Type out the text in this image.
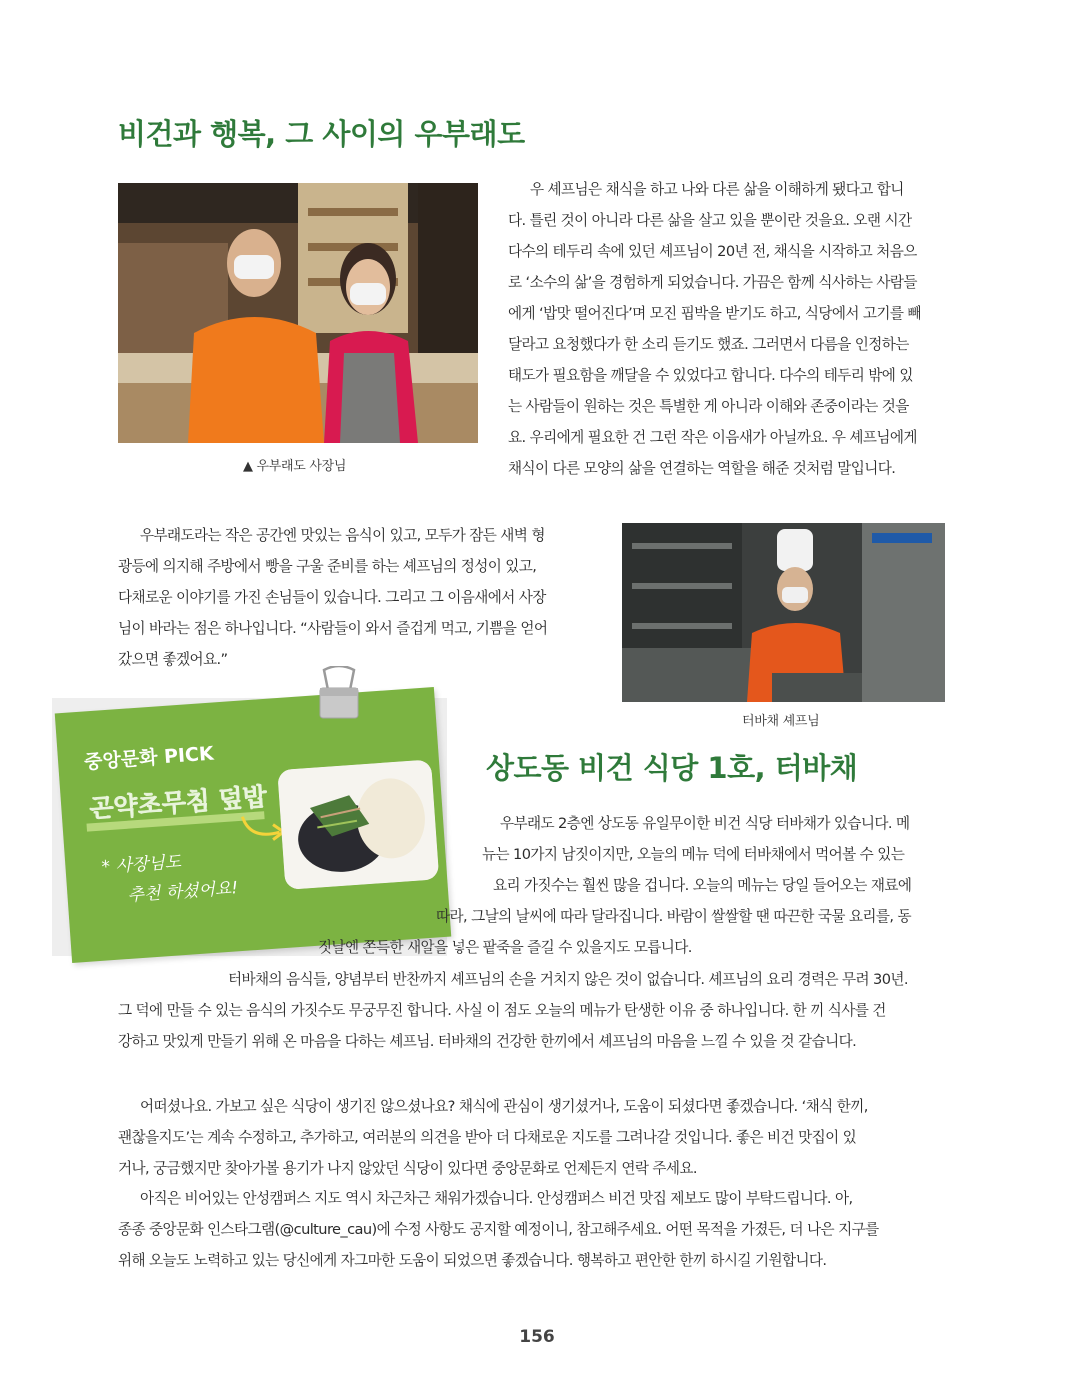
비건과 행복, 그 사이의 우부래도
▲ 우부래도 사장님
우 셰프님은 채식을 하고 나와 다른 삶을 이해하게 됐다고 합니
다. 틀린 것이 아니라 다른 삶을 살고 있을 뿐이란 것을요. 오랜 시간
다수의 테두리 속에 있던 셰프님이 20년 전, 채식을 시작하고 처음으
로 ‘소수의 삶’을 경험하게 되었습니다. 가끔은 함께 식사하는 사람들
에게 ‘밥맛 떨어진다’며 모진 핍박을 받기도 하고, 식당에서 고기를 빼
달라고 요청했다가 한 소리 듣기도 했죠. 그러면서 다름을 인정하는
태도가 필요함을 깨달을 수 있었다고 합니다. 다수의 테두리 밖에 있
는 사람들이 원하는 것은 특별한 게 아니라 이해와 존중이라는 것을
요. 우리에게 필요한 건 그런 작은 이음새가 아닐까요. 우 셰프님에게
채식이 다른 모양의 삶을 연결하는 역할을 해준 것처럼 말입니다.
우부래도라는 작은 공간엔 맛있는 음식이 있고, 모두가 잠든 새벽 형
광등에 의지해 주방에서 빵을 구울 준비를 하는 셰프님의 정성이 있고,
다채로운 이야기를 가진 손님들이 있습니다. 그리고 그 이음새에서 사장
님이 바라는 점은 하나입니다. “사람들이 와서 즐겁게 먹고, 기쁨을 얻어
갔으면 좋겠어요.”
터바채 셰프님
중앙문화 PICK
곤약초무침 덮밥
* 사장님도
추천 하셨어요!
상도동 비건 식당 1호, 터바채
우부래도 2층엔 상도동 유일무이한 비건 식당 터바채가 있습니다. 메
뉴는 10가지 남짓이지만, 오늘의 메뉴 덕에 터바채에서 먹어볼 수 있는
요리 가짓수는 훨씬 많을 겁니다. 오늘의 메뉴는 당일 들어오는 재료에
따라, 그날의 날씨에 따라 달라집니다. 바람이 쌀쌀할 땐 따끈한 국물 요리를, 동
짓날엔 쫀득한 새알을 넣은 팥죽을 즐길 수 있을지도 모릅니다.
터바채의 음식들, 양념부터 반찬까지 셰프님의 손을 거치지 않은 것이 없습니다. 셰프님의 요리 경력은 무려 30년.
그 덕에 만들 수 있는 음식의 가짓수도 무궁무진 합니다. 사실 이 점도 오늘의 메뉴가 탄생한 이유 중 하나입니다. 한 끼 식사를 건
강하고 맛있게 만들기 위해 온 마음을 다하는 셰프님. 터바채의 건강한 한끼에서 셰프님의 마음을 느낄 수 있을 것 같습니다.
어떠셨나요. 가보고 싶은 식당이 생기진 않으셨나요? 채식에 관심이 생기셨거나, 도움이 되셨다면 좋겠습니다. ‘채식 한끼,
괜찮을지도’는 계속 수정하고, 추가하고, 여러분의 의견을 받아 더 다채로운 지도를 그려나갈 것입니다. 좋은 비건 맛집이 있
거나, 궁금했지만 찾아가볼 용기가 나지 않았던 식당이 있다면 중앙문화로 언제든지 연락 주세요.
아직은 비어있는 안성캠퍼스 지도 역시 차근차근 채워가겠습니다. 안성캠퍼스 비건 맛집 제보도 많이 부탁드립니다. 아,
종종 중앙문화 인스타그램(@culture_cau)에 수정 사항도 공지할 예정이니, 참고해주세요. 어떤 목적을 가졌든, 더 나은 지구를
위해 오늘도 노력하고 있는 당신에게 자그마한 도움이 되었으면 좋겠습니다. 행복하고 편안한 한끼 하시길 기원합니다.
156
